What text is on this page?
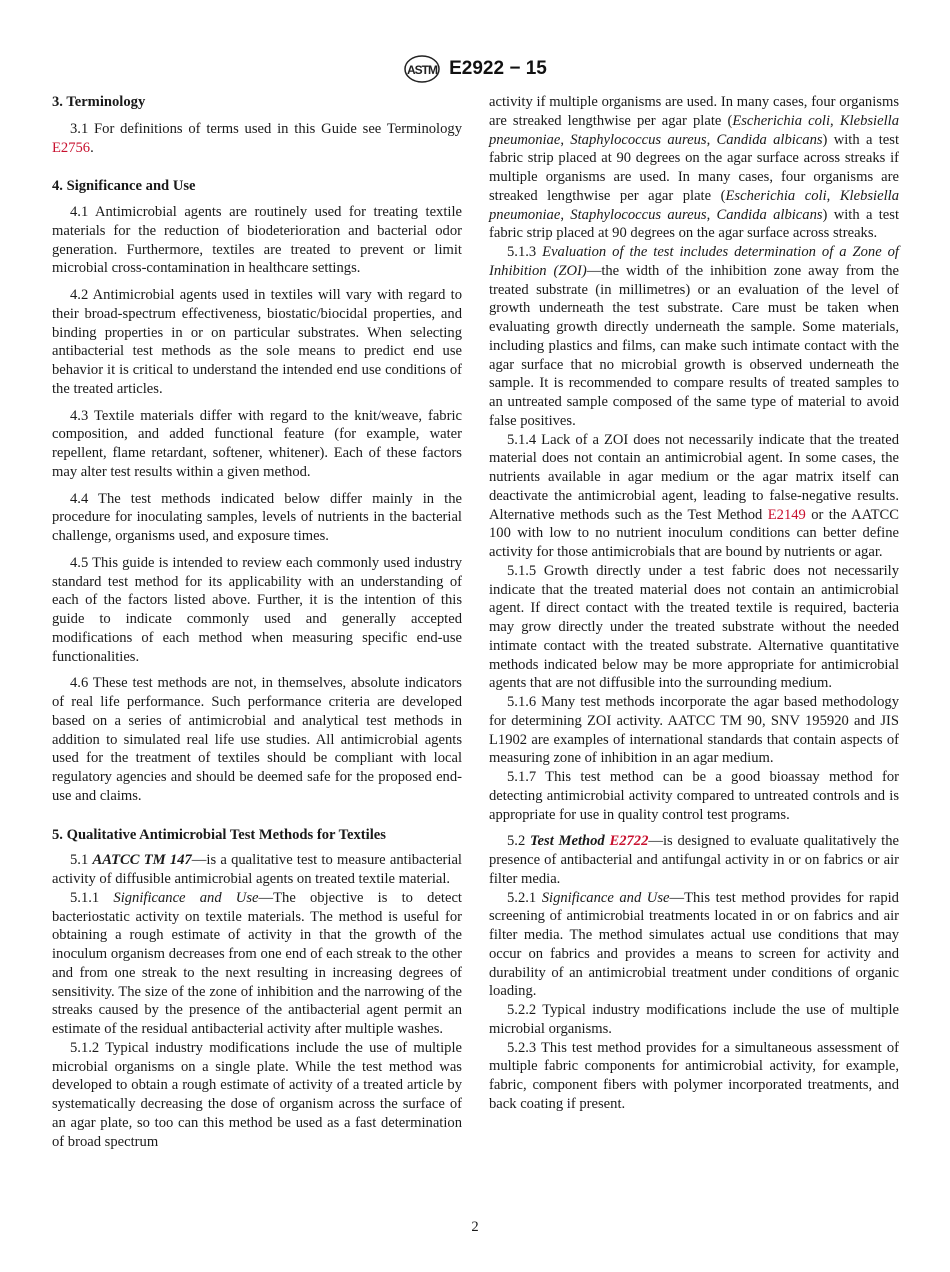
ASTM E2922 − 15
3. Terminology

3.1 For definitions of terms used in this Guide see Terminology E2756.

4. Significance and Use

4.1 Antimicrobial agents are routinely used for treating textile materials for the reduction of biodeterioration and bacterial odor generation. Furthermore, textiles are treated to prevent or limit microbial cross-contamination in healthcare settings.

4.2 Antimicrobial agents used in textiles will vary with regard to their broad-spectrum effectiveness, biostatic/biocidal properties, and binding properties in or on particular substrates. When selecting antibacterial test methods as the sole means to predict end use behavior it is critical to understand the intended end use conditions of the treated articles.

4.3 Textile materials differ with regard to the knit/weave, fabric composition, and added functional feature (for example, water repellent, flame retardant, softener, whitener). Each of these factors may alter test results within a given method.

4.4 The test methods indicated below differ mainly in the procedure for inoculating samples, levels of nutrients in the bacterial challenge, organisms used, and exposure times.

4.5 This guide is intended to review each commonly used industry standard test method for its applicability with an understanding of each of the factors listed above. Further, it is the intention of this guide to indicate commonly used and generally accepted modifications of each method when measuring specific end-use functionalities.

4.6 These test methods are not, in themselves, absolute indicators of real life performance. Such performance criteria are developed based on a series of antimicrobial and analytical test methods in addition to simulated real life use studies. All antimicrobial agents used for the treatment of textiles should be compliant with local regulatory agencies and should be deemed safe for the proposed end-use and claims.

5. Qualitative Antimicrobial Test Methods for Textiles

5.1 AATCC TM 147—is a qualitative test to measure antibacterial activity of diffusible antimicrobial agents on treated textile material.

5.1.1 Significance and Use—The objective is to detect bacteriostatic activity on textile materials. The method is useful for obtaining a rough estimate of activity in that the growth of the inoculum organism decreases from one end of each streak to the other and from one streak to the next resulting in increasing degrees of sensitivity. The size of the zone of inhibition and the narrowing of the streaks caused by the presence of the antibacterial agent permit an estimate of the residual antibacterial activity after multiple washes.

5.1.2 Typical industry modifications include the use of multiple microbial organisms on a single plate. While the test method was developed to obtain a rough estimate of activity of a treated article by systematically decreasing the dose of organism across the surface of an agar plate, so too can this method be used as a fast determination of broad spectrum

activity if multiple organisms are used. In many cases, four organisms are streaked lengthwise per agar plate (Escherichia coli, Klebsiella pneumoniae, Staphylococcus aureus, Candida albicans) with a test fabric strip placed at 90 degrees on the agar surface across streaks if multiple organisms are used. In many cases, four organisms are streaked lengthwise per agar plate (Escherichia coli, Klebsiella pneumoniae, Staphylococcus aureus, Candida albicans) with a test fabric strip placed at 90 degrees on the agar surface across streaks.

5.1.3 Evaluation of the test includes determination of a Zone of Inhibition (ZOI)—the width of the inhibition zone away from the treated substrate (in millimetres) or an evaluation of the level of growth underneath the test substrate. Care must be taken when evaluating growth directly underneath the sample. Some materials, including plastics and films, can make such intimate contact with the agar surface that no microbial growth is observed underneath the sample. It is recommended to compare results of treated samples to an untreated sample composed of the same type of material to avoid false positives.

5.1.4 Lack of a ZOI does not necessarily indicate that the treated material does not contain an antimicrobial agent. In some cases, the nutrients available in agar medium or the agar matrix itself can deactivate the antimicrobial agent, leading to false-negative results. Alternative methods such as the Test Method E2149 or the AATCC 100 with low to no nutrient inoculum conditions can better define activity for those antimicrobials that are bound by nutrients or agar.

5.1.5 Growth directly under a test fabric does not necessarily indicate that the treated material does not contain an antimicrobial agent. If direct contact with the treated textile is required, bacteria may grow directly under the treated substrate without the needed intimate contact with the treated substrate. Alternative quantitative methods indicated below may be more appropriate for antimicrobial agents that are not diffusible into the surrounding medium.

5.1.6 Many test methods incorporate the agar based methodology for determining ZOI activity. AATCC TM 90, SNV 195920 and JIS L1902 are examples of international standards that contain aspects of measuring zone of inhibition in an agar medium.

5.1.7 This test method can be a good bioassay method for detecting antimicrobial activity compared to untreated controls and is appropriate for use in quality control test programs.

5.2 Test Method E2722—is designed to evaluate qualitatively the presence of antibacterial and antifungal activity in or on fabrics or air filter media.

5.2.1 Significance and Use—This test method provides for rapid screening of antimicrobial treatments located in or on fabrics and air filter media. The method simulates actual use conditions that may occur on fabrics and provides a means to screen for activity and durability of an antimicrobial treatment under conditions of organic loading.

5.2.2 Typical industry modifications include the use of multiple microbial organisms.

5.2.3 This test method provides for a simultaneous assessment of multiple fabric components for antimicrobial activity, for example, fabric, component fibers with polymer incorporated treatments, and back coating if present.

2
